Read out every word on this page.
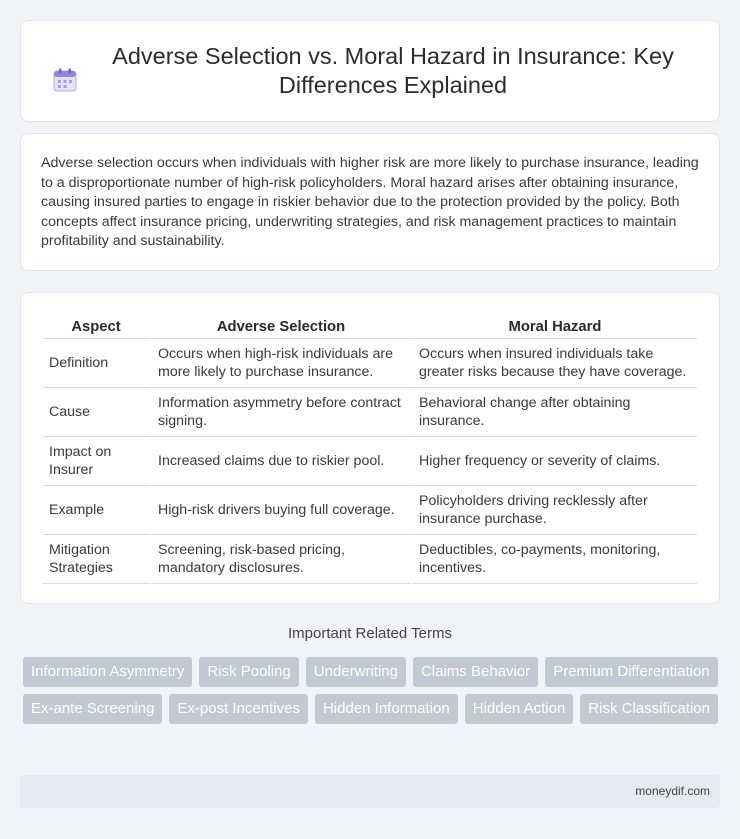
Adverse Selection vs. Moral Hazard in Insurance: Key Differences Explained

Adverse selection occurs when individuals with higher risk are more likely to purchase insurance, leading to a disproportionate number of high-risk policyholders. Moral hazard arises after obtaining insurance, causing insured parties to engage in riskier behavior due to the protection provided by the policy. Both concepts affect insurance pricing, underwriting strategies, and risk management practices to maintain profitability and sustainability.

Aspect	Adverse Selection	Moral Hazard
Definition	Occurs when high-risk individuals are more likely to purchase insurance.	Occurs when insured individuals take greater risks because they have coverage.
Cause	Information asymmetry before contract signing.	Behavioral change after obtaining insurance.
Impact on Insurer	Increased claims due to riskier pool.	Higher frequency or severity of claims.
Example	High-risk drivers buying full coverage.	Policyholders driving recklessly after insurance purchase.
Mitigation Strategies	Screening, risk-based pricing, mandatory disclosures.	Deductibles, co-payments, monitoring, incentives.
Important Related Terms
Information Asymmetry	Risk Pooling	Underwriting	Claims Behavior	Premium Differentiation
Ex-ante Screening	Ex-post Incentives	Hidden Information	Hidden Action	Risk Classification
moneydif.com
